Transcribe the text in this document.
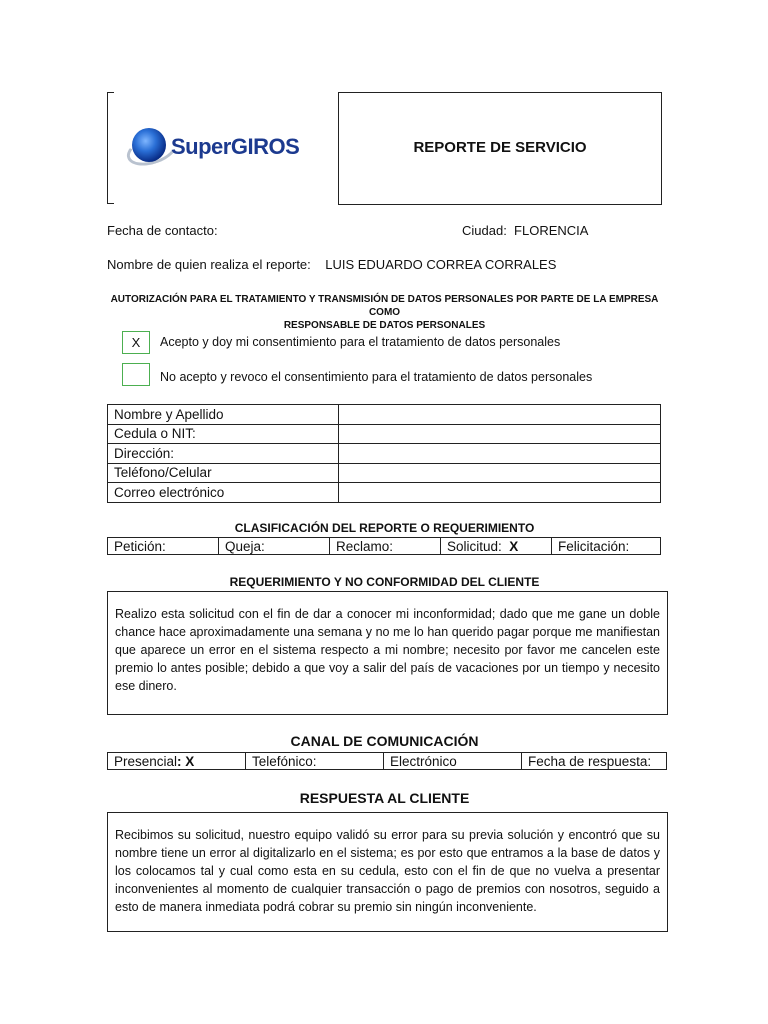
SuperGIROS	REPORTE DE SERVICIO
Fecha de contacto:	Ciudad: FLORENCIA
Nombre de quien realiza el reporte: LUIS EDUARDO CORREA CORRALES
AUTORIZACIÓN PARA EL TRATAMIENTO Y TRANSMISIÓN DE DATOS PERSONALES POR PARTE DE LA EMPRESA COMO
RESPONSABLE DE DATOS PERSONALES
X	Acepto y doy mi consentimiento para el tratamiento de datos personales
No acepto y revoco el consentimiento para el tratamiento de datos personales
Nombre y Apellido	
Cedula o NIT:	
Dirección:	
Teléfono/Celular	
Correo electrónico	
CLASIFICACIÓN DEL REPORTE O REQUERIMIENTO
Petición:	Queja:	Reclamo:	Solicitud: X	Felicitación:
REQUERIMIENTO Y NO CONFORMIDAD DEL CLIENTE
Realizo esta solicitud con el fin de dar a conocer mi inconformidad; dado que me gane un doble chance hace aproximadamente una semana y no me lo han querido pagar porque me manifiestan que aparece un error en el sistema respecto a mi nombre; necesito por favor me cancelen este premio lo antes posible; debido a que voy a salir del país de vacaciones por un tiempo y necesito ese dinero.
CANAL DE COMUNICACIÓN
Presencial: X	Telefónico:	Electrónico	Fecha de respuesta:
RESPUESTA AL CLIENTE
Recibimos su solicitud, nuestro equipo validó su error para su previa solución y encontró que su nombre tiene un error al digitalizarlo en el sistema; es por esto que entramos a la base de datos y los colocamos tal y cual como esta en su cedula, esto con el fin de que no vuelva a presentar inconvenientes al momento de cualquier transacción o pago de premios con nosotros, seguido a esto de manera inmediata podrá cobrar su premio sin ningún inconveniente.
